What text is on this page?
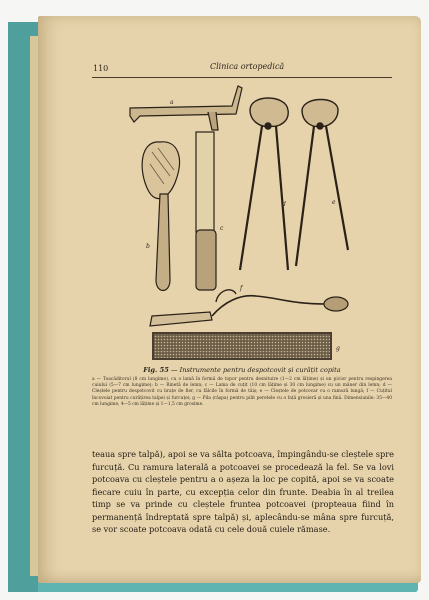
110	Clinica ortopedică
a
b
c
d	e
f
g
Fig. 55 — Instrumente pentru despotcovit și curățit copita
a — Toacăditorul (8 cm lungime), cu o lamă în formă de topor pentru desnituire (1—2 cm lățime) și un picior pentru respingerea cuiului (5—7 cm lungime); b — Rinetă de lemn; c — Lama de cuțit (10 cm lățime și 30 cm lungime) cu un mâner din lemn; d — Cleștele pentru despotcovit cu brațe de fier, cu fălcile în formă de tăiș; e — Cleștele de potcovar cu o ramură lungă; f — Cuțitul încovoiat pentru curățirea talpei și furcuței; g — Pila (râșpa) pentru pilit peretele cu o față grosieră și una fină. Dimensiunile: 35—40 cm lungime, 4—5 cm lățime și 1—1,5 cm grosime.
teaua spre talpă), apoi se va sălta potcoava, împingându-se cleștele spre furcuță. Cu ramura laterală a potcoavei se procedează la fel. Se va lovi potcoava cu cleștele pentru a o așeza la loc pe copită, apoi se va scoate fiecare cuiu în parte, cu excepția celor din frunte. Deabia în al treilea timp se va prinde cu cleștele fruntea potcoavei (propteaua fiind în permanență îndreptată spre talpă) și, aplecându-se mâna spre furcuță, se vor scoate potcoava odată cu cele două cuiele rămase.
